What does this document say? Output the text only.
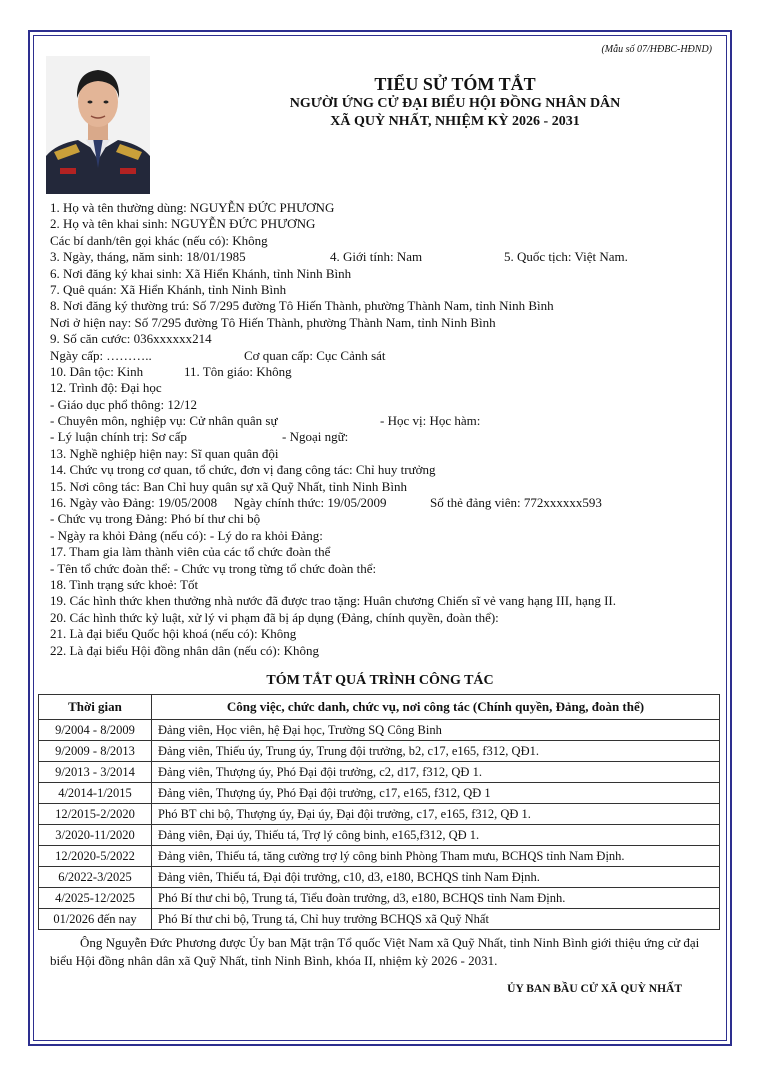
(Mẫu số 07/HĐBC-HĐND)
TIỂU SỬ TÓM TẮT
NGƯỜI ỨNG CỬ ĐẠI BIỂU HỘI ĐỒNG NHÂN DÂN
XÃ QUỲ NHẤT, NHIỆM KỲ 2026 - 2031
1. Họ và tên thường dùng: NGUYỄN ĐỨC PHƯƠNG
2. Họ và tên khai sinh: NGUYỄN ĐỨC PHƯƠNG
Các bí danh/tên gọi khác (nếu có): Không
3. Ngày, tháng, năm sinh: 18/01/1985	4. Giới tính: Nam	5. Quốc tịch: Việt Nam.
6. Nơi đăng ký khai sinh: Xã Hiển Khánh, tỉnh Ninh Bình
7. Quê quán: Xã Hiển Khánh, tỉnh Ninh Bình
8. Nơi đăng ký thường trú: Số 7/295 đường Tô Hiến Thành, phường Thành Nam, tỉnh Ninh Bình
Nơi ở hiện nay: Số 7/295 đường Tô Hiến Thành, phường Thành Nam, tỉnh Ninh Bình
9. Số căn cước: 036xxxxxx214
Ngày cấp: ………..	Cơ quan cấp: Cục Cảnh sát
10. Dân tộc: Kinh	11. Tôn giáo: Không
12. Trình độ: Đại học
- Giáo dục phổ thông: 12/12
- Chuyên môn, nghiệp vụ: Cử nhân quân sự	- Học vị: Học hàm:
- Lý luận chính trị: Sơ cấp	- Ngoại ngữ:
13. Nghề nghiệp hiện nay: Sĩ quan quân đội
14. Chức vụ trong cơ quan, tổ chức, đơn vị đang công tác: Chỉ huy trưởng
15. Nơi công tác: Ban Chỉ huy quân sự xã Quỹ Nhất, tỉnh Ninh Bình
16. Ngày vào Đảng: 19/05/2008 Ngày chính thức: 19/05/2009	Số thẻ đảng viên: 772xxxxxx593
- Chức vụ trong Đảng: Phó bí thư chi bộ
- Ngày ra khỏi Đảng (nếu có): - Lý do ra khỏi Đảng:
17. Tham gia làm thành viên của các tổ chức đoàn thể
- Tên tổ chức đoàn thể: - Chức vụ trong từng tổ chức đoàn thể:
18. Tình trạng sức khoẻ: Tốt
19. Các hình thức khen thưởng nhà nước đã được trao tặng: Huân chương Chiến sĩ vẻ vang hạng III, hạng II.
20. Các hình thức kỷ luật, xử lý vi phạm đã bị áp dụng (Đảng, chính quyền, đoàn thể):
21. Là đại biểu Quốc hội khoá (nếu có): Không
22. Là đại biểu Hội đồng nhân dân (nếu có): Không
TÓM TẮT QUÁ TRÌNH CÔNG TÁC
Thời gian	Công việc, chức danh, chức vụ, nơi công tác (Chính quyền, Đảng, đoàn thể)
9/2004 - 8/2009	Đảng viên, Học viên, hệ Đại học, Trường SQ Công Binh
9/2009 - 8/2013	Đảng viên, Thiếu úy, Trung úy, Trung đội trưởng, b2, c17, e165, f312, QĐ1.
9/2013 - 3/2014	Đảng viên, Thượng úy, Phó Đại đội trưởng, c2, d17, f312, QĐ 1.
4/2014-1/2015	Đảng viên, Thượng úy, Phó Đại đội trưởng, c17, e165, f312, QĐ 1
12/2015-2/2020	Phó BT chi bộ, Thượng úy, Đại úy, Đại đội trưởng, c17, e165, f312, QĐ 1.
3/2020-11/2020	Đảng viên, Đại úy, Thiếu tá, Trợ lý công binh, e165,f312, QĐ 1.
12/2020-5/2022	Đảng viên, Thiếu tá, tăng cường trợ lý công binh Phòng Tham mưu, BCHQS tỉnh Nam Định.
6/2022-3/2025	Đảng viên, Thiếu tá, Đại đội trưởng, c10, d3, e180, BCHQS tỉnh Nam Định.
4/2025-12/2025	Phó Bí thư chi bộ, Trung tá, Tiểu đoàn trưởng, d3, e180, BCHQS tỉnh Nam Định.
01/2026 đến nay	Phó Bí thư chi bộ, Trung tá, Chỉ huy trưởng BCHQS xã Quỹ Nhất
Ông Nguyễn Đức Phương được Ủy ban Mặt trận Tổ quốc Việt Nam xã Quỹ Nhất, tỉnh Ninh Bình giới thiệu ứng cử đại biểu Hội đồng nhân dân xã Quỹ Nhất, tỉnh Ninh Bình, khóa II, nhiệm kỳ 2026 - 2031.
ỦY BAN BẦU CỬ XÃ QUỲ NHẤT
